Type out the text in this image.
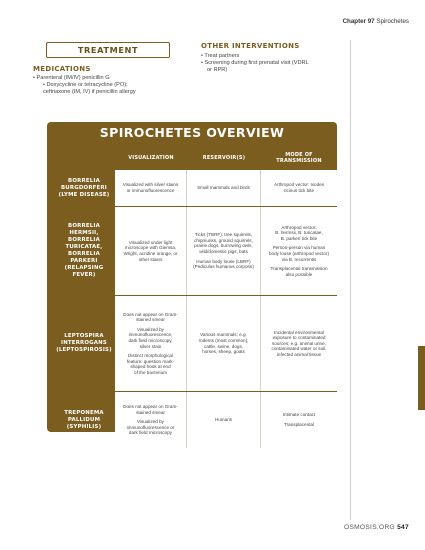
Chapter 97 Spirochetes
TREATMENT
MEDICATIONS
• Parenteral (IM/IV) penicillin G
• Doxycycline or tetracycline (PO);
ceftriaxone (IM, IV) if penicillin allergy
OTHER INTERVENTIONS
• Treat partners
• Screening during first prenatal visit (VDRL
or RPR)
SPIROCHETES OVERVIEW
VISUALIZATION	RESERVOIR(S)	MODE OF
TRANSMISSION
BORRELIA
BURGDORFERI
(LYME DISEASE)
Visualized with silver stains
or immunofluorescence
Small mammals and birds
Arthropod vector: Ixodes
ricinus tick bite
BORRELIA
HERMSII,
BORRELIA
TURICATAE,
BORRELIA
PARKERI
(RELAPSING
FEVER)
Visualized under light
microscope with Giemsa,
Wright, acridine orange, or
other stains
Ticks (TBRF): tree squirrels,
chipmunks, ground squirrels,
prairie dogs, burrowing owls,
wild/domestic pigs, bats
Human body louse (LBRF)
(Pediculus humanus corporis)
Arthropod vector:
B. hermsii, B. turicatae,
B. parkeri tick bite
Person-person via human
body louse (arthropod vector)
via B. recurrentis
Transplacental transmission
also possible
LEPTOSPIRA
INTERROGANS
(LEPTOSPIROSIS)
Does not appear on Gram-
stained smear
Visualized by
immunofluorescence,
dark field microscopy,
silver stain
Distinct morphological
feature: question mark-
shaped hook at end
of the bacterium
Various mammals; e.g.
rodents (most common),
cattle, swine, dogs,
horses, sheep, goats
Incidental environmental
exposure to contaminated
sources; e.g. animal urine,
contaminated water or soil,
infected animal tissue
TREPONEMA
PALLIDUM
(SYPHILIS)
Does not appear on Gram-
stained smear
Visualized by
immunofluorescence or
dark field microscopy
Humans
Intimate contact
Transplacental
OSMOSIS.ORG 547
